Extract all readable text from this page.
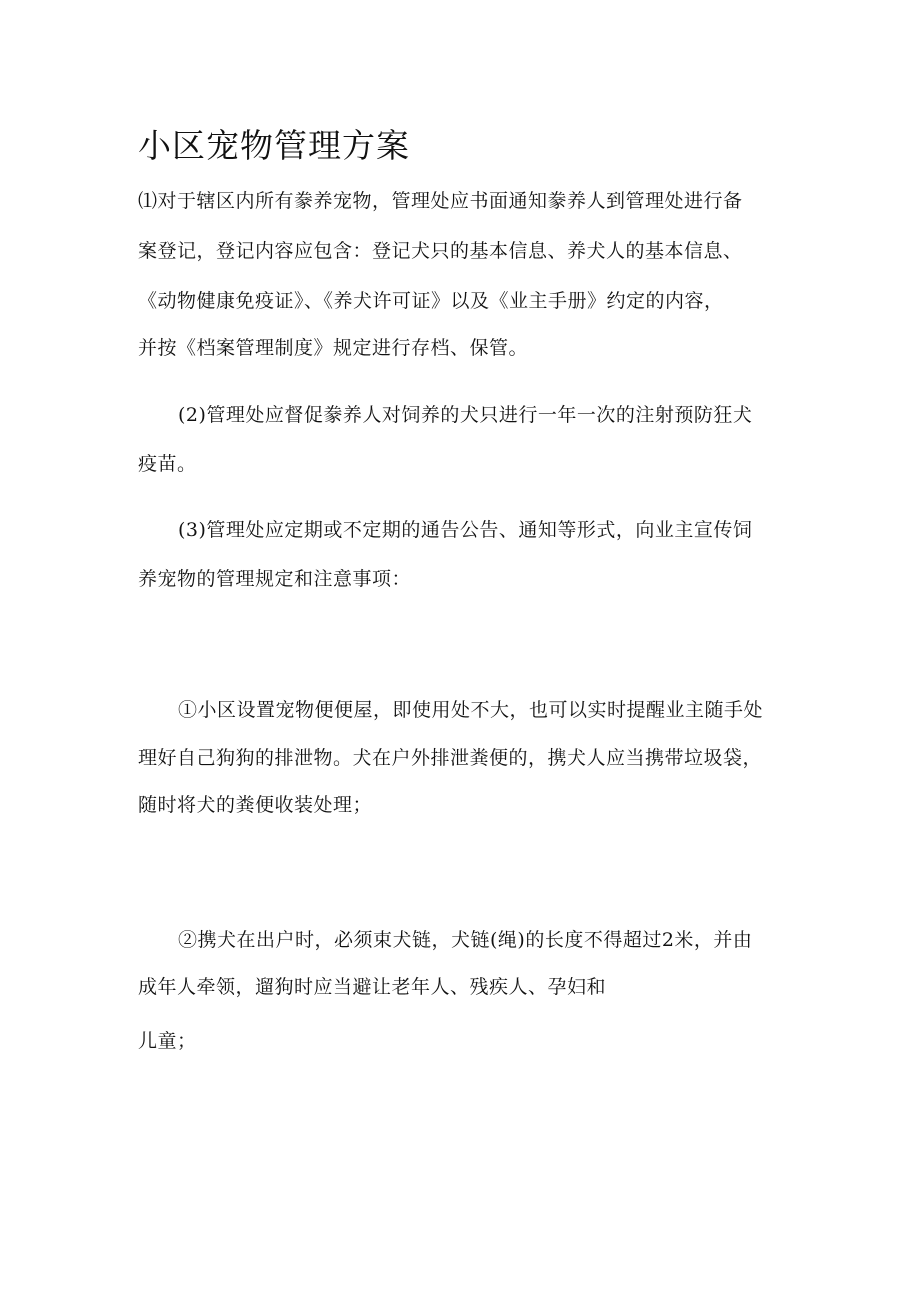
小区宠物管理方案
⑴对于辖区内所有豢养宠物，管理处应书面通知豢养人到管理处进行备
案登记，登记内容应包含：登记犬只的基本信息、养犬人的基本信息、
《动物健康免疫证》、《养犬许可证》以及《业主手册》约定的内容，
并按《档案管理制度》规定进行存档、保管。
(2)管理处应督促豢养人对饲养的犬只进行一年一次的注射预防狂犬
疫苗。
(3)管理处应定期或不定期的通告公告、通知等形式，向业主宣传饲
养宠物的管理规定和注意事项：
①小区设置宠物便便屋，即使用处不大，也可以实时提醒业主随手处
理好自己狗狗的排泄物。犬在户外排泄粪便的，携犬人应当携带垃圾袋，
随时将犬的粪便收装处理；
②携犬在出户时，必须束犬链，犬链(绳)的长度不得超过2米，并由
成年人牵领，遛狗时应当避让老年人、残疾人、孕妇和
儿童；
